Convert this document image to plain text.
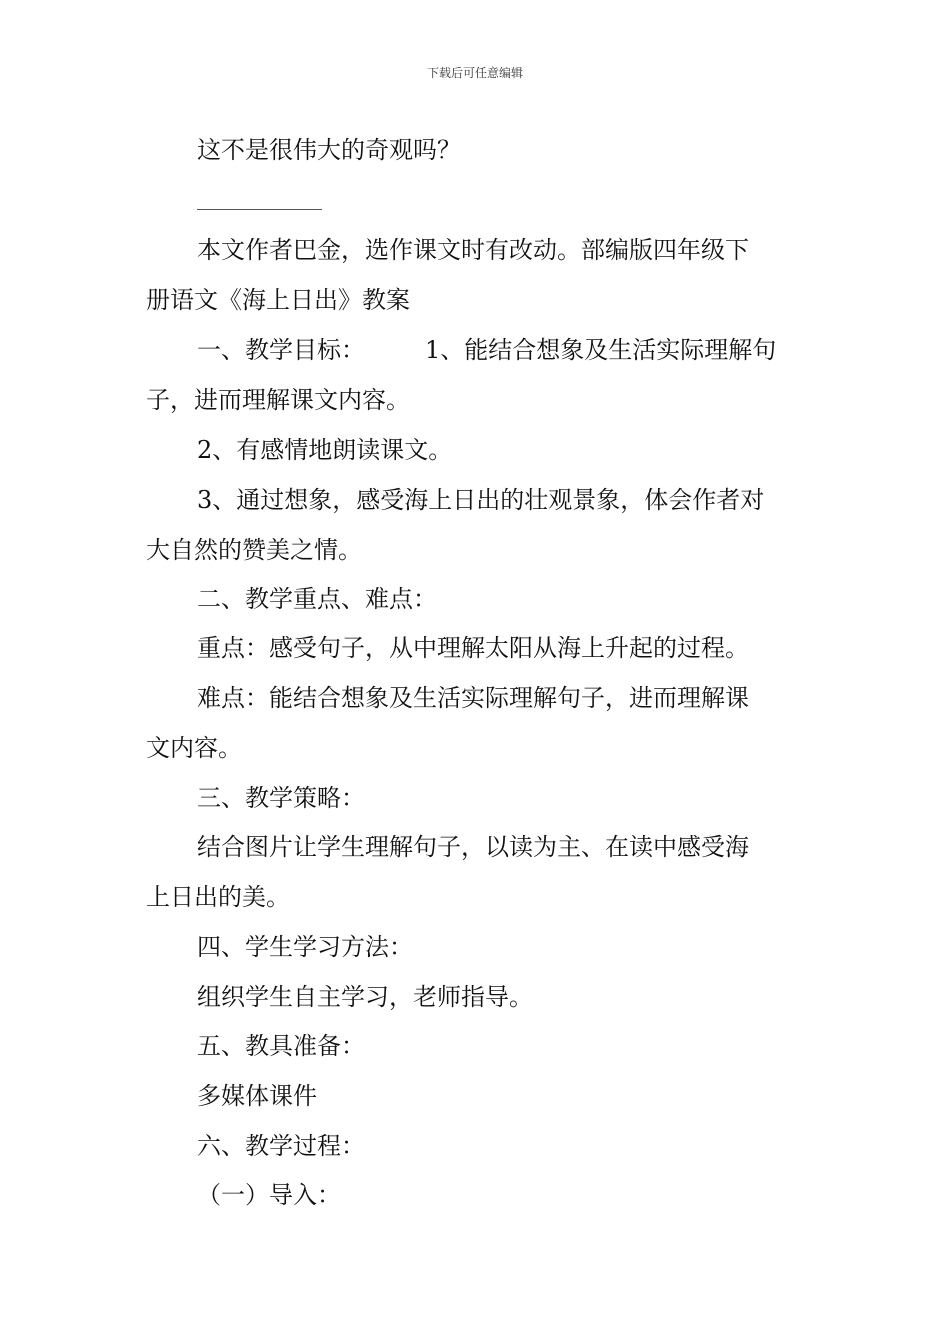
下载后可任意编辑
这不是很伟大的奇观吗？
本文作者巴金，选作课文时有改动。部编版四年级下
册语文《海上日出》教案
一、教学目标：　　　1、能结合想象及生活实际理解句
子，进而理解课文内容。
2、有感情地朗读课文。
3、通过想象，感受海上日出的壮观景象，体会作者对
大自然的赞美之情。
二、教学重点、难点：
重点：感受句子，从中理解太阳从海上升起的过程。
难点：能结合想象及生活实际理解句子，进而理解课
文内容。
三、教学策略：
结合图片让学生理解句子，以读为主、在读中感受海
上日出的美。
四、学生学习方法：
组织学生自主学习，老师指导。
五、教具准备：
多媒体课件
六、教学过程：
（一）导入：
